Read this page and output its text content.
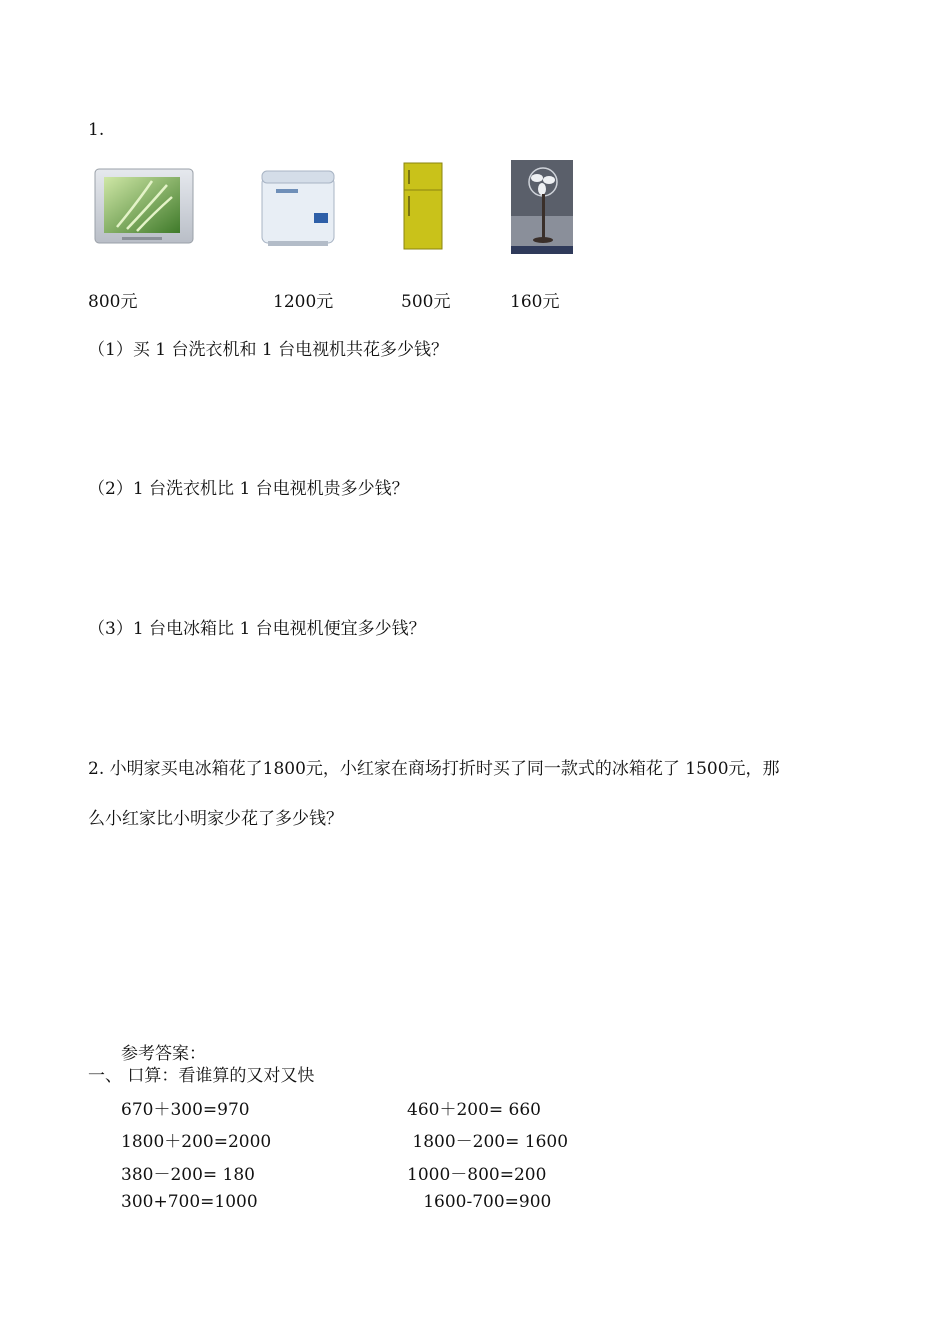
1.
800元	1200元	500元	160元
（1）买 1 台洗衣机和 1 台电视机共花多少钱？
（2）1 台洗衣机比 1 台电视机贵多少钱？
（3）1 台电冰箱比 1 台电视机便宜多少钱？
2. 小明家买电冰箱花了1800元，小红家在商场打折时买了同一款式的冰箱花了 1500元，那
么小红家比小明家少花了多少钱？
参考答案：
一、 口算：看谁算的又对又快
670＋300=970	460＋200= 660
1800＋200=2000	1800－200= 1600
380－200= 180	1000－800=200
300+700=1000	1600-700=900
